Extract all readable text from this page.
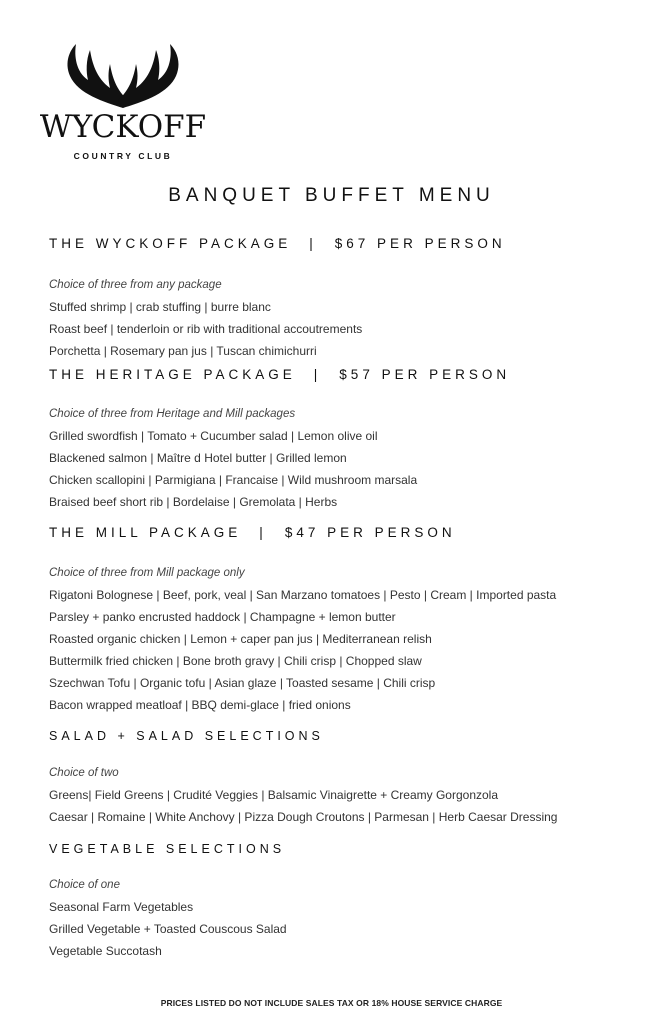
WYCKOFF
COUNTRY CLUB
BANQUET BUFFET MENU
THE WYCKOFF PACKAGE | $67 PER PERSON
Choice of three from any package
Stuffed shrimp | crab stuffing | burre blanc
Roast beef | tenderloin or rib with traditional accoutrements
Porchetta | Rosemary pan jus | Tuscan chimichurri
THE HERITAGE PACKAGE | $57 PER PERSON
Choice of three from Heritage and Mill packages
Grilled swordfish | Tomato + Cucumber salad | Lemon olive oil
Blackened salmon | Maître d Hotel butter | Grilled lemon
Chicken scallopini | Parmigiana | Francaise | Wild mushroom marsala
Braised beef short rib | Bordelaise | Gremolata | Herbs
THE MILL PACKAGE | $47 PER PERSON
Choice of three from Mill package only
Rigatoni Bolognese | Beef, pork, veal | San Marzano tomatoes | Pesto | Cream | Imported pasta
Parsley + panko encrusted haddock | Champagne + lemon butter
Roasted organic chicken | Lemon + caper pan jus | Mediterranean relish
Buttermilk fried chicken | Bone broth gravy | Chili crisp | Chopped slaw
Szechwan Tofu | Organic tofu | Asian glaze | Toasted sesame | Chili crisp
Bacon wrapped meatloaf | BBQ demi-glace | fried onions
SALAD + SALAD SELECTIONS
Choice of two
Greens| Field Greens | Crudité Veggies | Balsamic Vinaigrette + Creamy Gorgonzola
Caesar | Romaine | White Anchovy | Pizza Dough Croutons | Parmesan | Herb Caesar Dressing
VEGETABLE SELECTIONS
Choice of one
Seasonal Farm Vegetables
Grilled Vegetable + Toasted Couscous Salad
Vegetable Succotash
PRICES LISTED DO NOT INCLUDE SALES TAX OR 18% HOUSE SERVICE CHARGE
